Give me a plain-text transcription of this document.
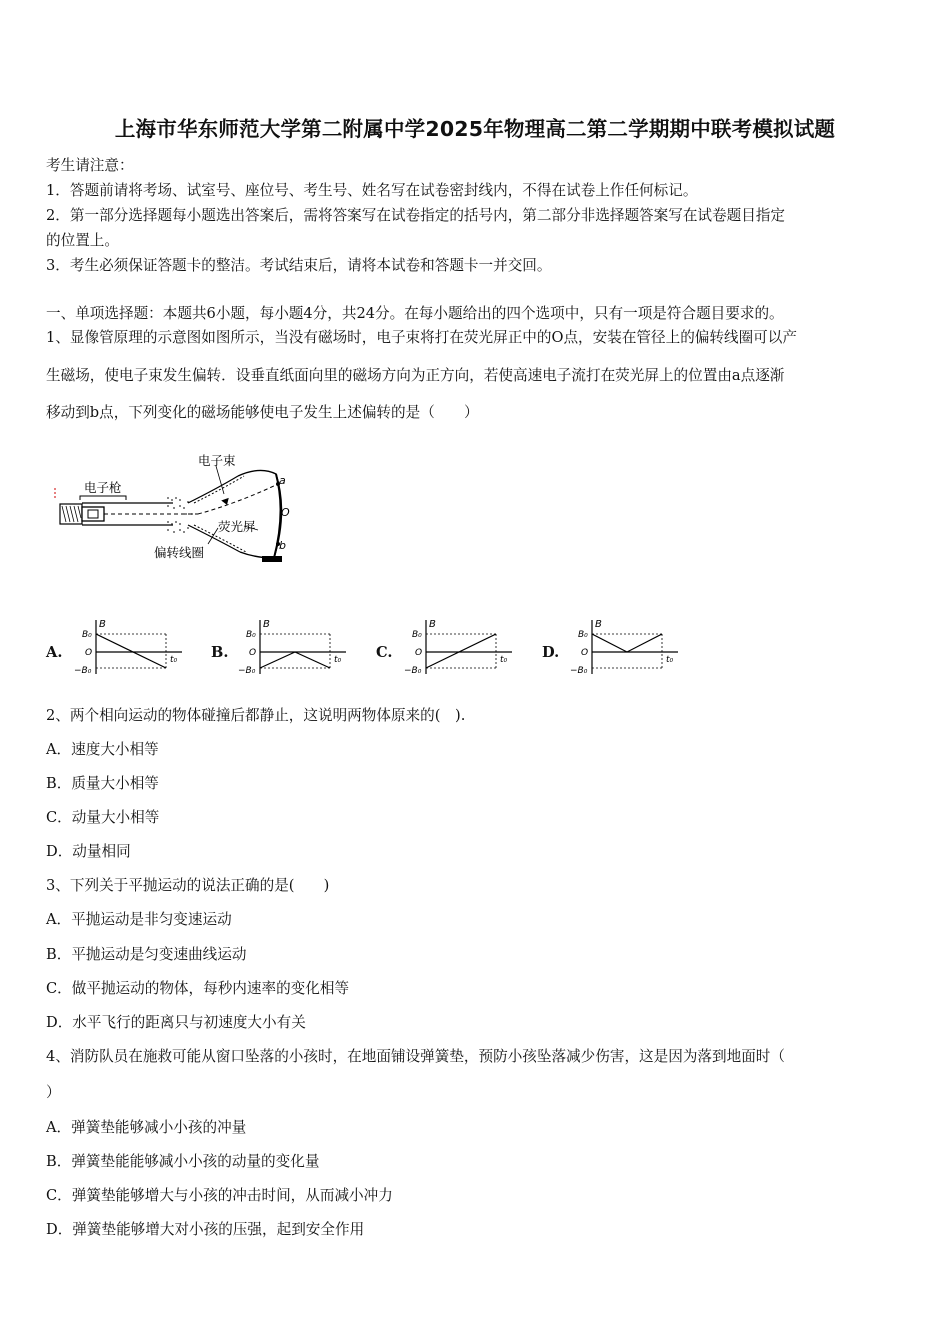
上海市华东师范大学第二附属中学2025年物理高二第二学期期中联考模拟试题
考生请注意：
1．答题前请将考场、试室号、座位号、考生号、姓名写在试卷密封线内，不得在试卷上作任何标记。
2．第一部分选择题每小题选出答案后，需将答案写在试卷指定的括号内，第二部分非选择题答案写在试卷题目指定
的位置上。
3．考生必须保证答题卡的整洁。考试结束后，请将本试卷和答题卡一并交回。
一、单项选择题：本题共6小题，每小题4分，共24分。在每小题给出的四个选项中，只有一项是符合题目要求的。
1、显像管原理的示意图如图所示，当没有磁场时，电子束将打在荧光屏正中的O点，安装在管径上的偏转线圈可以产
生磁场，使电子束发生偏转．设垂直纸面向里的磁场方向为正方向，若使高速电子流打在荧光屏上的位置由a点逐渐
移动到b点，下列变化的磁场能够使电子发生上述偏转的是（　　）
电子枪
电子束
荧光屏
偏转线圈
a
O
b
A.	B.	C.	D.
B
B₀
O
−B₀
t₀
B
B₀
O
−B₀
t₀
B
B₀
O
−B₀
t₀
B
B₀
O
−B₀
t₀
2、两个相向运动的物体碰撞后都静止，这说明两物体原来的(　).
A．速度大小相等
B．质量大小相等
C．动量大小相等
D．动量相同
3、下列关于平抛运动的说法正确的是(　　)
A．平抛运动是非匀变速运动
B．平抛运动是匀变速曲线运动
C．做平抛运动的物体，每秒内速率的变化相等
D．水平飞行的距离只与初速度大小有关
4、消防队员在施救可能从窗口坠落的小孩时，在地面铺设弹簧垫，预防小孩坠落减少伤害，这是因为落到地面时（
）
A．弹簧垫能够减小小孩的冲量
B．弹簧垫能能够减小小孩的动量的变化量
C．弹簧垫能够增大与小孩的冲击时间，从而减小冲力
D．弹簧垫能够增大对小孩的压强，起到安全作用
